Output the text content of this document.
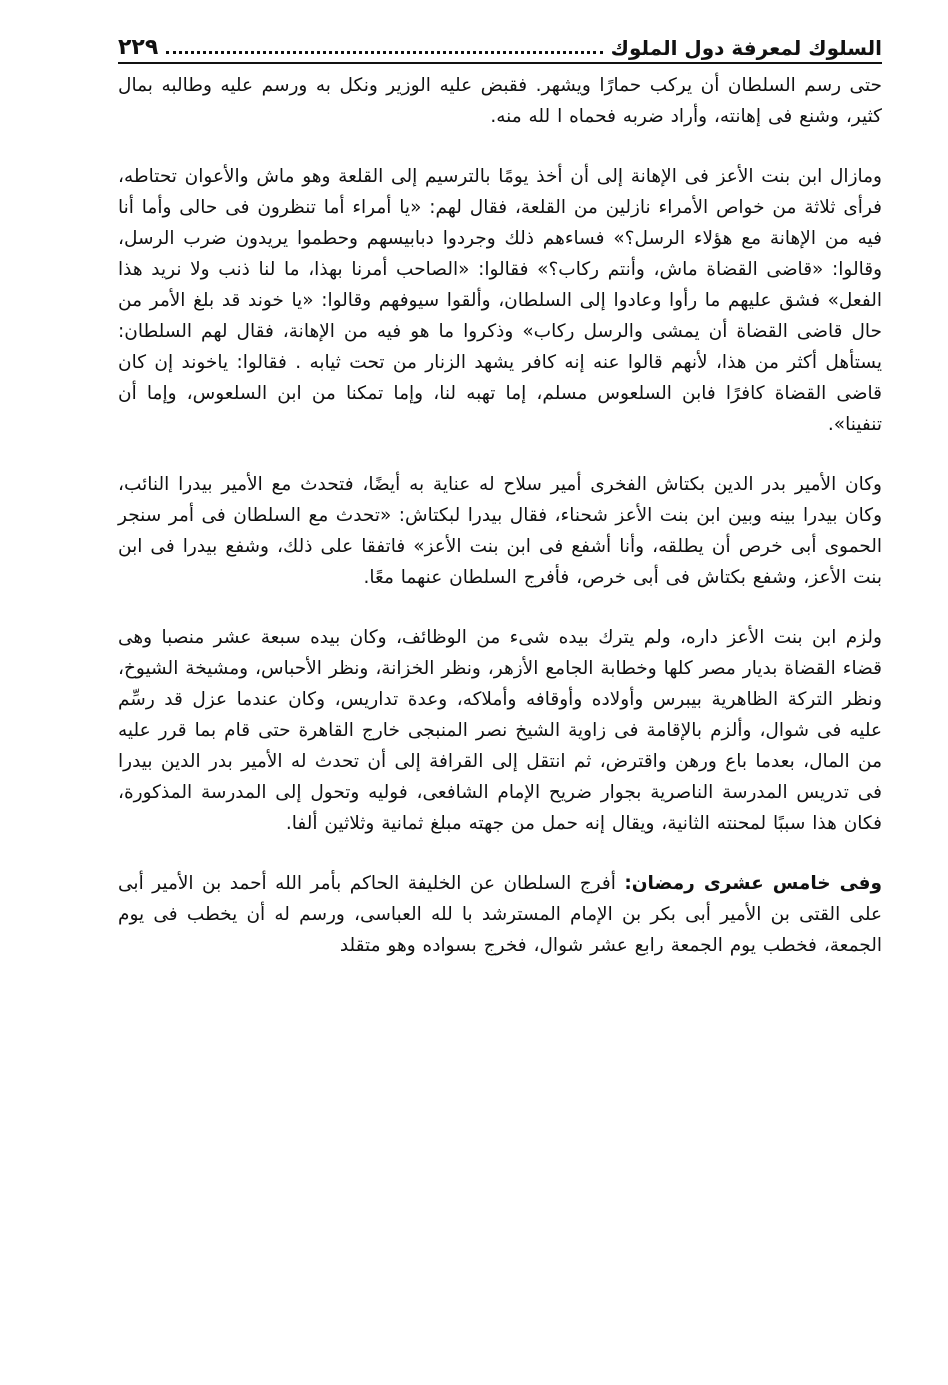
السلوك لمعرفة دول الملوك
٢٢٩

حتى رسم السلطان أن يركب حمارًا ويشهر. فقبض عليه الوزير ونكل به ورسم عليه وطالبه بمال كثير، وشنع فى إهانته، وأراد ضربه فحماه ا لله منه.

ومازال ابن بنت الأعز فى الإهانة إلى أن أخذ يومًا بالترسيم إلى القلعة وهو ماش والأعوان تحتاطه، فرأى ثلاثة من خواص الأمراء نازلين من القلعة، فقال لهم: «يا أمراء أما تنظرون فى حالى وأما أنا فيه من الإهانة مع هؤلاء الرسل؟» فساءهم ذلك وجردوا دبابيسهم وحطموا يريدون ضرب الرسل، وقالوا: «قاضى القضاة ماش، وأنتم ركاب؟» فقالوا: «الصاحب أمرنا بهذا، ما لنا ذنب ولا نريد هذا الفعل» فشق عليهم ما رأوا وعادوا إلى السلطان، وألقوا سيوفهم وقالوا: «يا خوند قد بلغ الأمر من حال قاضى القضاة أن يمشى والرسل ركاب» وذكروا ما هو فيه من الإهانة، فقال لهم السلطان: يستأهل أكثر من هذا، لأنهم قالوا عنه إنه كافر يشهد الزنار من تحت ثيابه . فقالوا: ياخوند إن كان قاضى القضاة كافرًا فابن السلعوس مسلم، إما تهبه لنا، وإما تمكنا من ابن السلعوس، وإما أن تنفينا».

وكان الأمير بدر الدين بكتاش الفخرى أمير سلاح له عناية به أيضًا، فتحدث مع الأمير بيدرا النائب، وكان بيدرا بينه وبين ابن بنت الأعز شحناء، فقال بيدرا لبكتاش: «تحدث مع السلطان فى أمر سنجر الحموى أبى خرص أن يطلقه، وأنا أشفع فى ابن بنت الأعز» فاتفقا على ذلك، وشفع بيدرا فى ابن بنت الأعز، وشفع بكتاش فى أبى خرص، فأفرج السلطان عنهما معًا.

ولزم ابن بنت الأعز داره، ولم يترك بيده شىء من الوظائف، وكان بيده سبعة عشر منصبا وهى قضاء القضاة بديار مصر كلها وخطابة الجامع الأزهر، ونظر الخزانة، ونظر الأحباس، ومشيخة الشيوخ، ونظر التركة الظاهرية بيبرس وأولاده وأوقافه وأملاكه، وعدة تداريس، وكان عندما عزل قد رسِّم عليه فى شوال، وألزم بالإقامة فى زاوية الشيخ نصر المنبجى خارج القاهرة حتى قام بما قرر عليه من المال، بعدما باع ورهن واقترض، ثم انتقل إلى القرافة إلى أن تحدث له الأمير بدر الدين بيدرا فى تدريس المدرسة الناصرية بجوار ضريح الإمام الشافعى، فوليه وتحول إلى المدرسة المذكورة، فكان هذا سببًا لمحنته الثانية، ويقال إنه حمل من جهته مبلغ ثمانية وثلاثين ألفا.

وفى خامس عشرى رمضان: أفرج السلطان عن الخليفة الحاكم بأمر الله أحمد بن الأمير أبى على القتى بن الأمير أبى بكر بن الإمام المسترشد با لله العباسى، ورسم له أن يخطب فى يوم الجمعة، فخطب يوم الجمعة رابع عشر شوال، فخرج بسواده وهو متقلد
